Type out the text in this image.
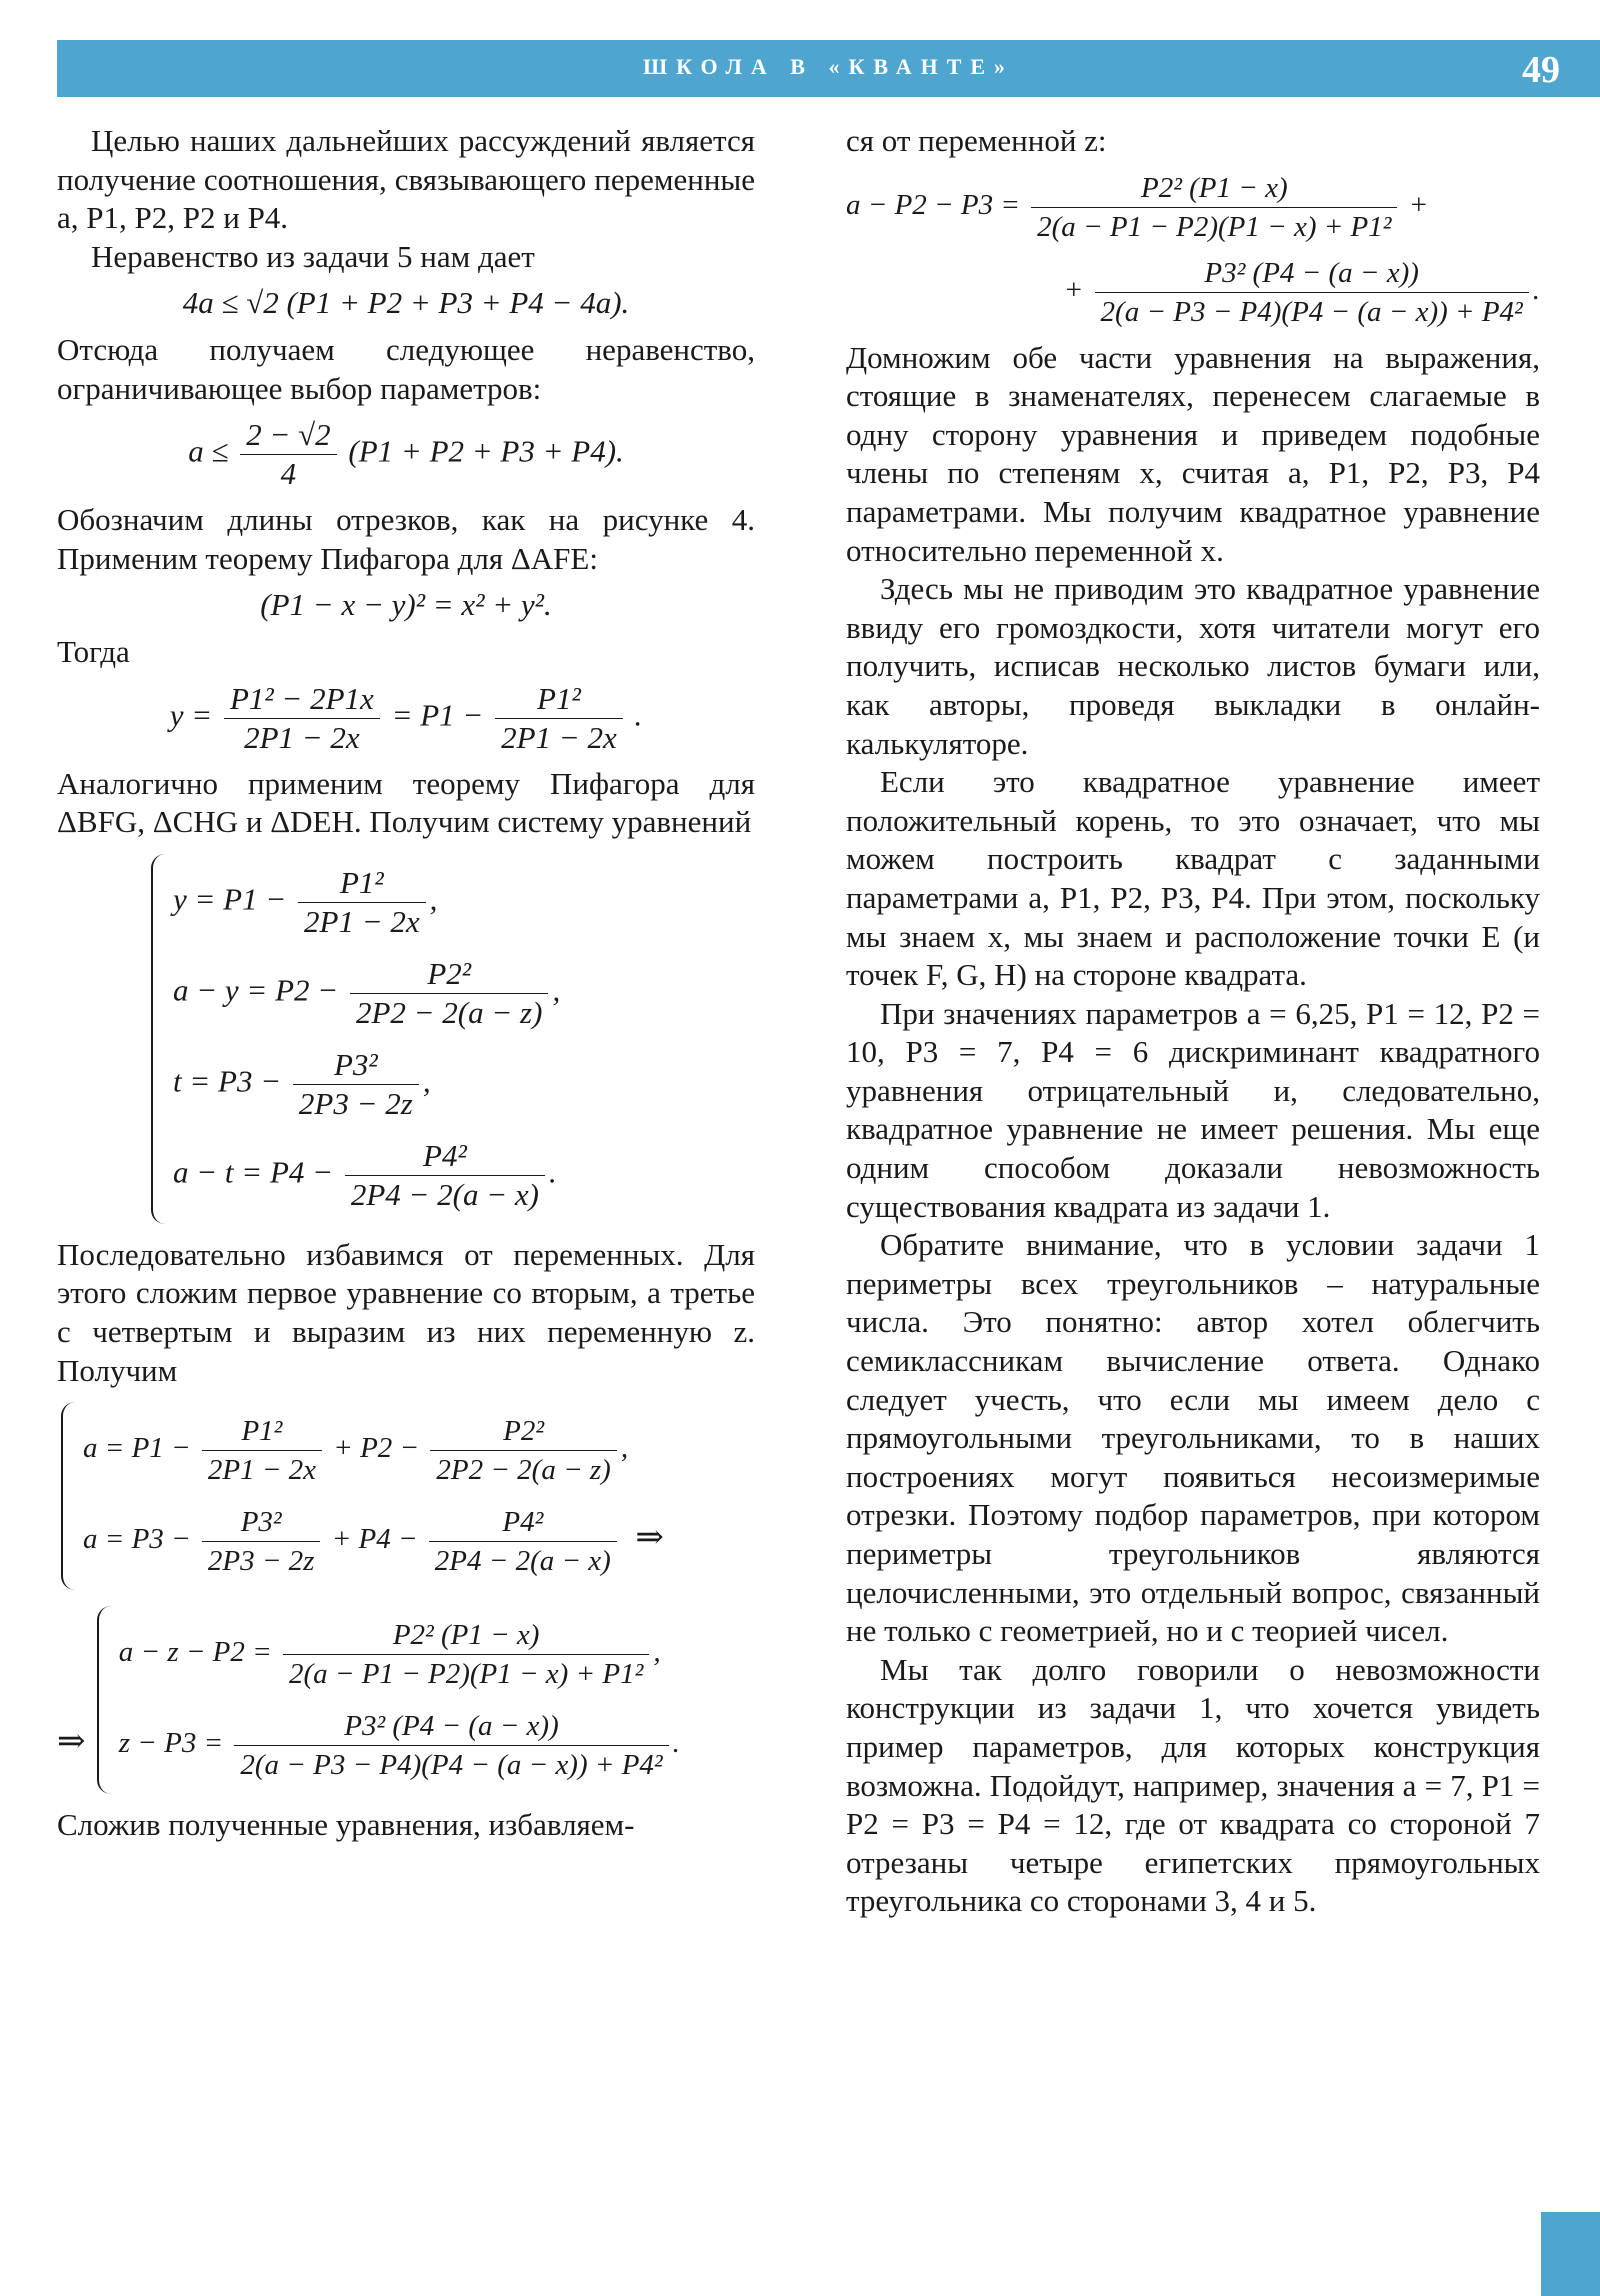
ШКОЛА В «КВАНТЕ»	49

Целью наших дальнейших рассуждений является получение соотношения, связывающего переменные a, P1, P2, P2 и P4.

Неравенство из задачи 5 нам дает

4a ≤ √2 (P1 + P2 + P3 + P4 − 4a).

Отсюда получаем следующее неравенство, ограничивающее выбор параметров:

$a \le \frac{2 - √2}{4} (P1 + P2 + P3 + P4)$.

Обозначим длины отрезков, как на рисунке 4. Применим теорему Пифагора для ΔAFE:

(P1 − x − y)² = x² + y².

Тогда

$y = \frac{\text{P1² − 2P1x}}{2P1 - 2x} = P1 - \frac{\text{P1²}}{2P1 - 2x}$ .

Аналогично применим теорему Пифагора для ΔBFG, ΔCHG и ΔDEH. Получим систему уравнений

$y = P1 - \frac{\text{P1²}}{2P1 - 2x}$ ,
$a - y = P2 - \frac{\text{P2²}}{2P2 - 2(a - z)}$ ,
$t = P3 - \frac{\text{P3²}}{2P3 - 2z}$ ,
$a - t = P4 - \frac{\text{P4²}}{2P4 - 2(a - x)}$ .

Последовательно избавимся от переменных. Для этого сложим первое уравнение со вторым, а третье с четвертым и выразим из них переменную z. Получим

$a = P1 - \frac{\text{P1²}}{2P1 - 2x} + P2 - \frac{\text{P2²}}{2P2 - 2(a - z)}$ ,
$a = P3 - \frac{\text{P3²}}{2P3 - 2z} + P4 - \frac{\text{P4²}}{2P4 - 2(a - x)}$ ⇒
⇒
$a - z - P2 = \frac{\text{P2² (P1 − x)}}{\text{2(a − P1 − P2)(P1 − x) + P1²}}$ ,
$z - P3 = \frac{\text{P3² (P4 − (a − x))}}{\text{2(a − P3 − P4)(P4 − (a − x)) + P4²}}$ .

Сложив полученные уравнения, избавляем-

ся от переменной z:

$a - P2 - P3 = \frac{\text{P2² (P1 − x)}}{\text{2(a − P1 − P2)(P1 − x) + P1²}}$ +
+ $\frac{\text{P3² (P4 − (a − x))}}{\text{2(a − P3 − P4)(P4 − (a − x)) + P4²}}$ .

Домножим обе части уравнения на выражения, стоящие в знаменателях, перенесем слагаемые в одну сторону уравнения и приведем подобные члены по степеням x, считая a, P1, P2, P3, P4 параметрами. Мы получим квадратное уравнение относительно переменной x.

Здесь мы не приводим это квадратное уравнение ввиду его громоздкости, хотя читатели могут его получить, исписав несколько листов бумаги или, как авторы, проведя выкладки в онлайн-калькуляторе.

Если это квадратное уравнение имеет положительный корень, то это означает, что мы можем построить квадрат с заданными параметрами a, P1, P2, P3, P4. При этом, поскольку мы знаем x, мы знаем и расположение точки E (и точек F, G, H) на стороне квадрата.

При значениях параметров a = 6,25, P1 = 12, P2 = 10, P3 = 7, P4 = 6 дискриминант квадратного уравнения отрицательный и, следовательно, квадратное уравнение не имеет решения. Мы еще одним способом доказали невозможность существования квадрата из задачи 1.

Обратите внимание, что в условии задачи 1 периметры всех треугольников – натуральные числа. Это понятно: автор хотел облегчить семиклассникам вычисление ответа. Однако следует учесть, что если мы имеем дело с прямоугольными треугольниками, то в наших построениях могут появиться несоизмеримые отрезки. Поэтому подбор параметров, при котором периметры треугольников являются целочисленными, это отдельный вопрос, связанный не только с геометрией, но и с теорией чисел.

Мы так долго говорили о невозможности конструкции из задачи 1, что хочется увидеть пример параметров, для которых конструкция возможна. Подойдут, например, значения a = 7, P1 = P2 = P3 = P4 = 12, где от квадрата со стороной 7 отрезаны четыре египетских прямоугольных треугольника со сторонами 3, 4 и 5.
